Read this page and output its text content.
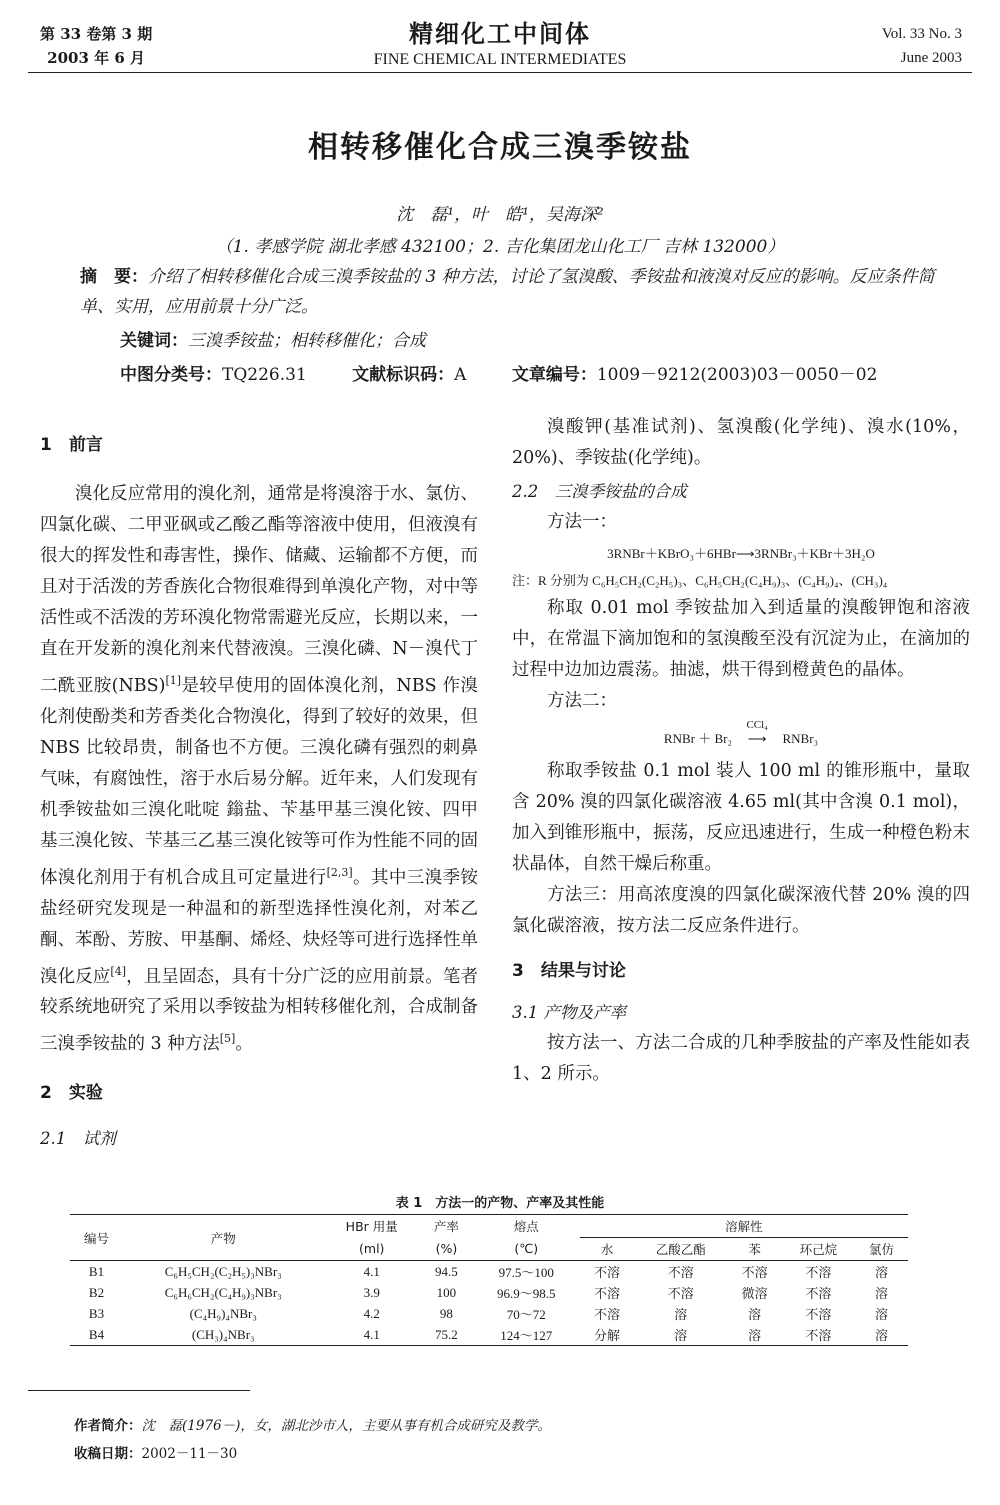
第 33 卷第 3 期
2003 年 6 月
精细化工中间体
FINE CHEMICAL INTERMEDIATES
Vol. 33 No. 3
June 2003
相转移催化合成三溴季铵盐
沈　磊¹，叶　皓¹，吴海深²
（1. 孝感学院 湖北孝感 432100；2. 吉化集团龙山化工厂 吉林 132000）
摘　要：介绍了相转移催化合成三溴季铵盐的 3 种方法，讨论了氢溴酸、季铵盐和液溴对反应的影响。反应条件简单、实用，应用前景十分广泛。
关键词：三溴季铵盐；相转移催化；合成
中图分类号：TQ226.31	文献标识码：A	文章编号：1009－9212(2003)03－0050－02
1　前言

溴化反应常用的溴化剂，通常是将溴溶于水、氯仿、四氯化碳、二甲亚砜或乙酸乙酯等溶液中使用，但液溴有很大的挥发性和毒害性，操作、储藏、运输都不方便，而且对于活泼的芳香族化合物很难得到单溴化产物，对中等活性或不活泼的芳环溴化物常需避光反应，长期以来，一直在开发新的溴化剂来代替液溴。三溴化磷、N－溴代丁二酰亚胺(NBS)[1]是较早使用的固体溴化剂，NBS 作溴化剂使酚类和芳香类化合物溴化，得到了较好的效果，但 NBS 比较昂贵，制备也不方便。三溴化磷有强烈的刺鼻气味，有腐蚀性，溶于水后易分解。近年来，人们发现有机季铵盐如三溴化吡啶 鎓盐、苄基甲基三溴化铵、四甲基三溴化铵、苄基三乙基三溴化铵等可作为性能不同的固体溴化剂用于有机合成且可定量进行[2,3]。其中三溴季铵盐经研究发现是一种温和的新型选择性溴化剂，对苯乙酮、苯酚、芳胺、甲基酮、烯烃、炔烃等可进行选择性单溴化反应[4]，且呈固态，具有十分广泛的应用前景。笔者较系统地研究了采用以季铵盐为相转移催化剂，合成制备三溴季铵盐的 3 种方法[5]。

2　实验
2.1　试剂

溴酸钾(基准试剂)、氢溴酸(化学纯)、溴水(10%，20%)、季铵盐(化学纯)。

2.2　三溴季铵盐的合成

方法一：

3RNBr＋KBrO₃＋6HBr⟶3RNBr₃＋KBr＋3H₂O

注：R 分别为 C₆H₅CH₂(C₂H₅)₃、C₆H₅CH₂(C₄H₉)₃、(C₄H₉)₄、(CH₃)₄

称取 0.01 mol 季铵盐加入到适量的溴酸钾饱和溶液中，在常温下滴加饱和的氢溴酸至没有沉淀为止，在滴加的过程中边加边震荡。抽滤，烘干得到橙黄色的晶体。

方法二：

RNBr ＋ Br₂
CCl₄
⟶ RNBr₃

称取季铵盐 0.1 mol 装人 100 ml 的锥形瓶中，量取含 20% 溴的四氯化碳溶液 4.65 ml(其中含溴 0.1 mol)，加入到锥形瓶中，振荡，反应迅速进行，生成一种橙色粉末状晶体，自然干燥后称重。

方法三：用高浓度溴的四氯化碳深液代替 20% 溴的四氯化碳溶液，按方法二反应条件进行。

3　结果与讨论
3.1 产物及产率

按方法一、方法二合成的几种季胺盐的产率及性能如表 1、2 所示。

表 1　方法一的产物、产率及其性能
编号	产物	HBr 用量	产率	熔点	溶解性				
		(ml)	(%)	(℃)	水	乙酸乙酯	苯	环己烷	氯仿
B1	C₆H₅CH₂(C₂H₅)₃NBr₃	4.1	94.5	97.5～100	不溶	不溶	不溶	不溶	溶
B2	C₆H₆CH₂(C₄H₉)₃NBr₃	3.9	100	96.9～98.5	不溶	不溶	微溶	不溶	溶
B3	(C₄H₉)₄NBr₃	4.2	98	70～72	不溶	溶	溶	不溶	溶
B4	(CH₃)₄NBr₃	4.1	75.2	124～127	分解	溶	溶	不溶	溶
作者简介：沈　磊(1976－)，女，湖北沙市人，主要从事有机合成研究及教学。
收稿日期：2002－11－30
